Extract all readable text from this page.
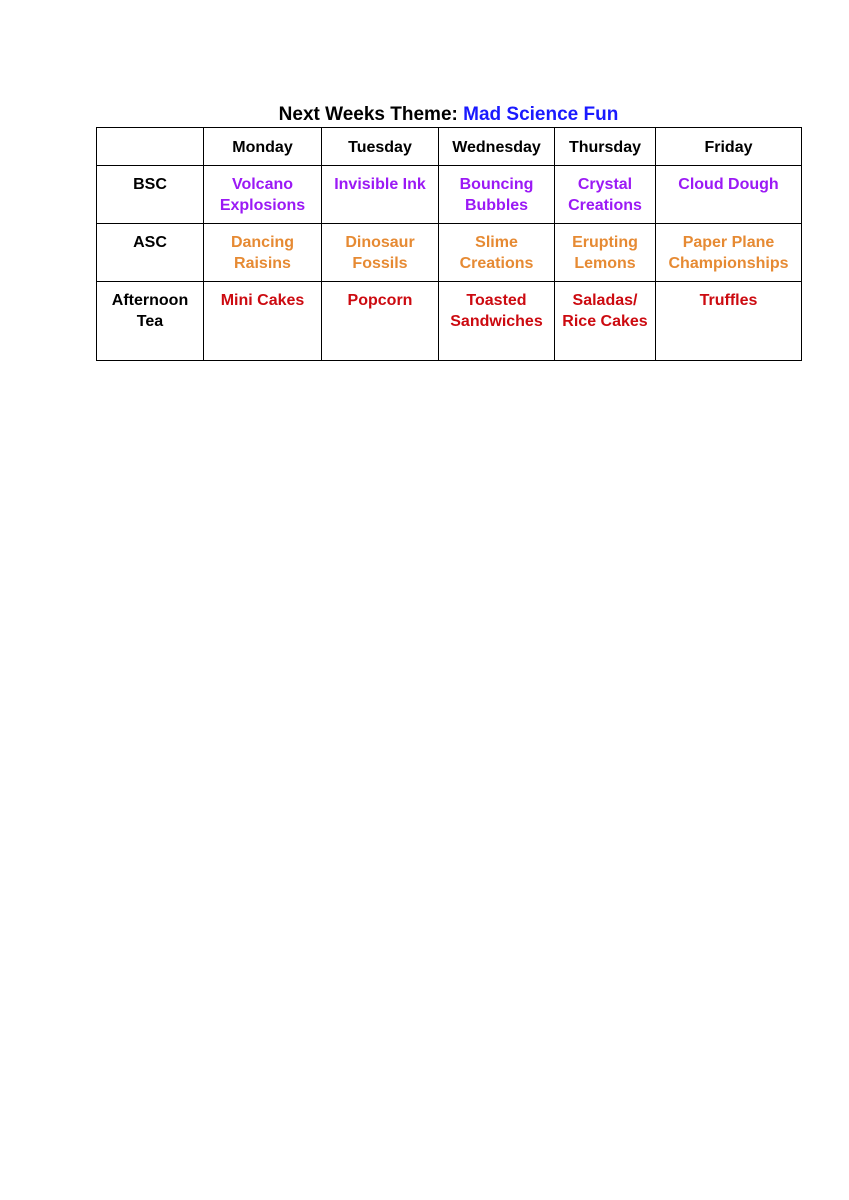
Next Weeks Theme: Mad Science Fun
	Monday	Tuesday	Wednesday	Thursday	Friday
BSC	Volcano Explosions	Invisible Ink	Bouncing Bubbles	Crystal Creations	Cloud Dough
ASC	Dancing Raisins	Dinosaur Fossils	Slime Creations	Erupting Lemons	Paper Plane Championships
Afternoon Tea	Mini Cakes	Popcorn	Toasted Sandwiches	Saladas/ Rice Cakes	Truffles
